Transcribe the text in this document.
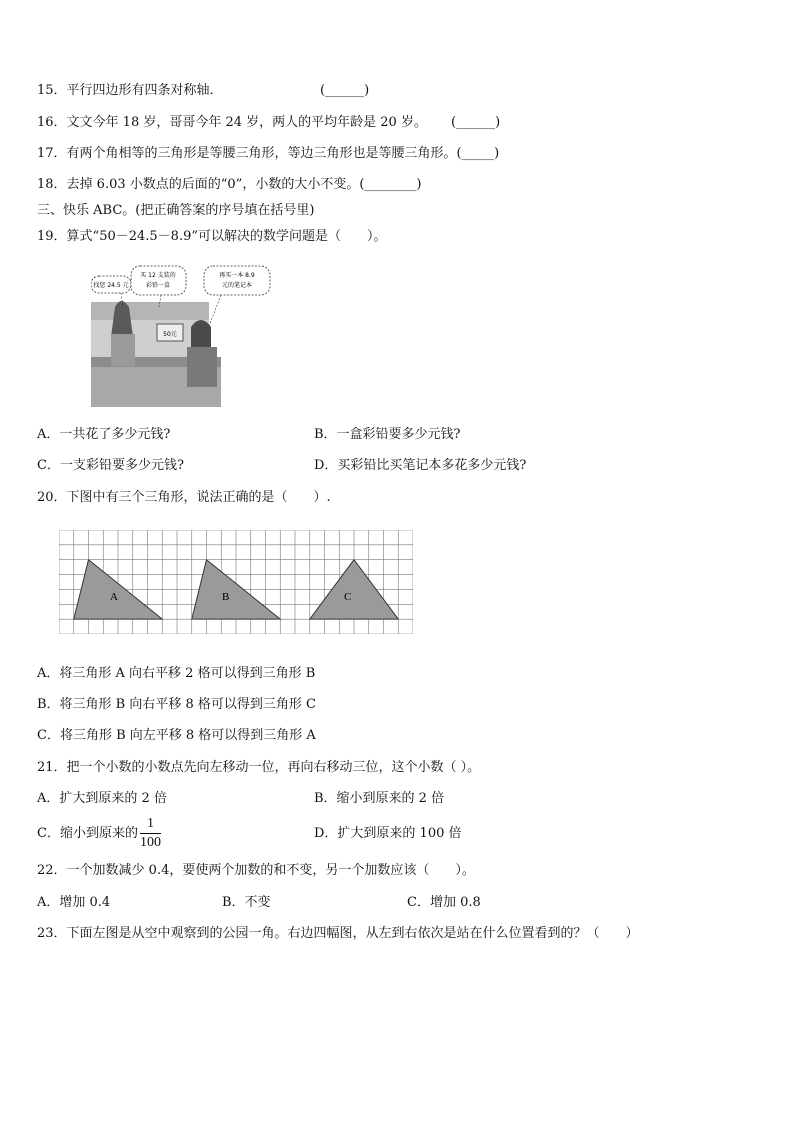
15．平行四边形有四条对称轴．	(______)
16．文文今年 18 岁，哥哥今年 24 岁，两人的平均年龄是 20 岁。 (______)
17．有两个角相等的三角形是等腰三角形，等边三角形也是等腰三角形。(_____)
18．去掉 6.03 小数点的后面的“0”，小数的大小不变。(________)
三、快乐 ABC。(把正确答案的序号填在括号里)
19．算式“50－24.5－8.9”可以解决的数学问题是（　　）。
50元
找您 24.5 元
买 12 支装的
彩铅一盒
再买一本 8.9
元的笔记本
A．一共花了多少元钱?	B．一盒彩铅要多少元钱?
C．一支彩铅要多少元钱?	D．买彩铅比买笔记本多花多少元钱?
20．下图中有三个三角形，说法正确的是（　　）.
A	B	C
A．将三角形 A 向右平移 2 格可以得到三角形 B
B．将三角形 B 向右平移 8 格可以得到三角形 C
C．将三角形 B 向左平移 8 格可以得到三角形 A
21．把一个小数的小数点先向左移动一位，再向右移动三位，这个小数（ ）。
A．扩大到原来的 2 倍	B．缩小到原来的 2 倍
C．缩小到原来的 $\frac{1}{100}$	D．扩大到原来的 100 倍
22．一个加数减少 0.4，要使两个加数的和不变，另一个加数应该（　　）。
A．增加 0.4	B．不变	C．增加 0.8
23．下面左图是从空中观察到的公园一角。右边四幅图，从左到右依次是站在什么位置看到的？（　　）
